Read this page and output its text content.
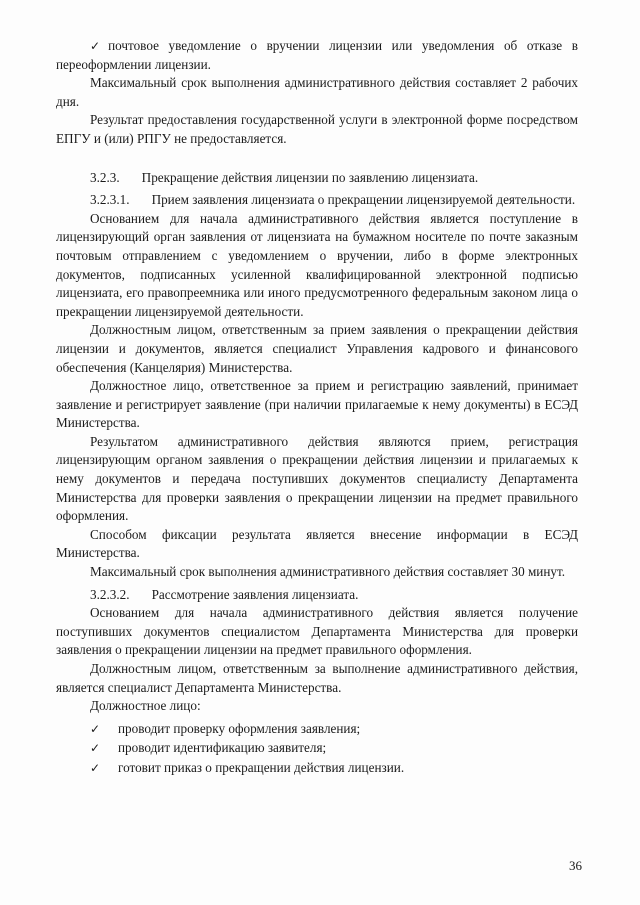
✓ почтовое уведомление о вручении лицензии или уведомления об отказе в переоформлении лицензии.

Максимальный срок выполнения административного действия составляет 2 рабочих дня.

Результат предоставления государственной услуги в электронной форме посредством ЕПГУ и (или) РПГУ не предоставляется.

3.2.3. Прекращение действия лицензии по заявлению лицензиата.

3.2.3.1. Прием заявления лицензиата о прекращении лицензируемой деятельности.

Основанием для начала административного действия является поступление в лицензирующий орган заявления от лицензиата на бумажном носителе по почте заказным почтовым отправлением с уведомлением о вручении, либо в форме электронных документов, подписанных усиленной квалифицированной электронной подписью лицензиата, его правопреемника или иного предусмотренного федеральным законом лица о прекращении лицензируемой деятельности.

Должностным лицом, ответственным за прием заявления о прекращении действия лицензии и документов, является специалист Управления кадрового и финансового обеспечения (Канцелярия) Министерства.

Должностное лицо, ответственное за прием и регистрацию заявлений, принимает заявление и регистрирует заявление (при наличии прилагаемые к нему документы) в ЕСЭД Министерства.

Результатом административного действия являются прием, регистрация лицензирующим органом заявления о прекращении действия лицензии и прилагаемых к нему документов и передача поступивших документов специалисту Департамента Министерства для проверки заявления о прекращении лицензии на предмет правильного оформления.

Способом фиксации результата является внесение информации в ЕСЭД Министерства.

Максимальный срок выполнения административного действия составляет 30 минут.

3.2.3.2. Рассмотрение заявления лицензиата.

Основанием для начала административного действия является получение поступивших документов специалистом Департамента Министерства для проверки заявления о прекращении лицензии на предмет правильного оформления.

Должностным лицом, ответственным за выполнение административного действия, является специалист Департамента Министерства.

Должностное лицо:

✓	проводит проверку оформления заявления;

✓	проводит идентификацию заявителя;

✓	готовит приказ о прекращении действия лицензии.

36
